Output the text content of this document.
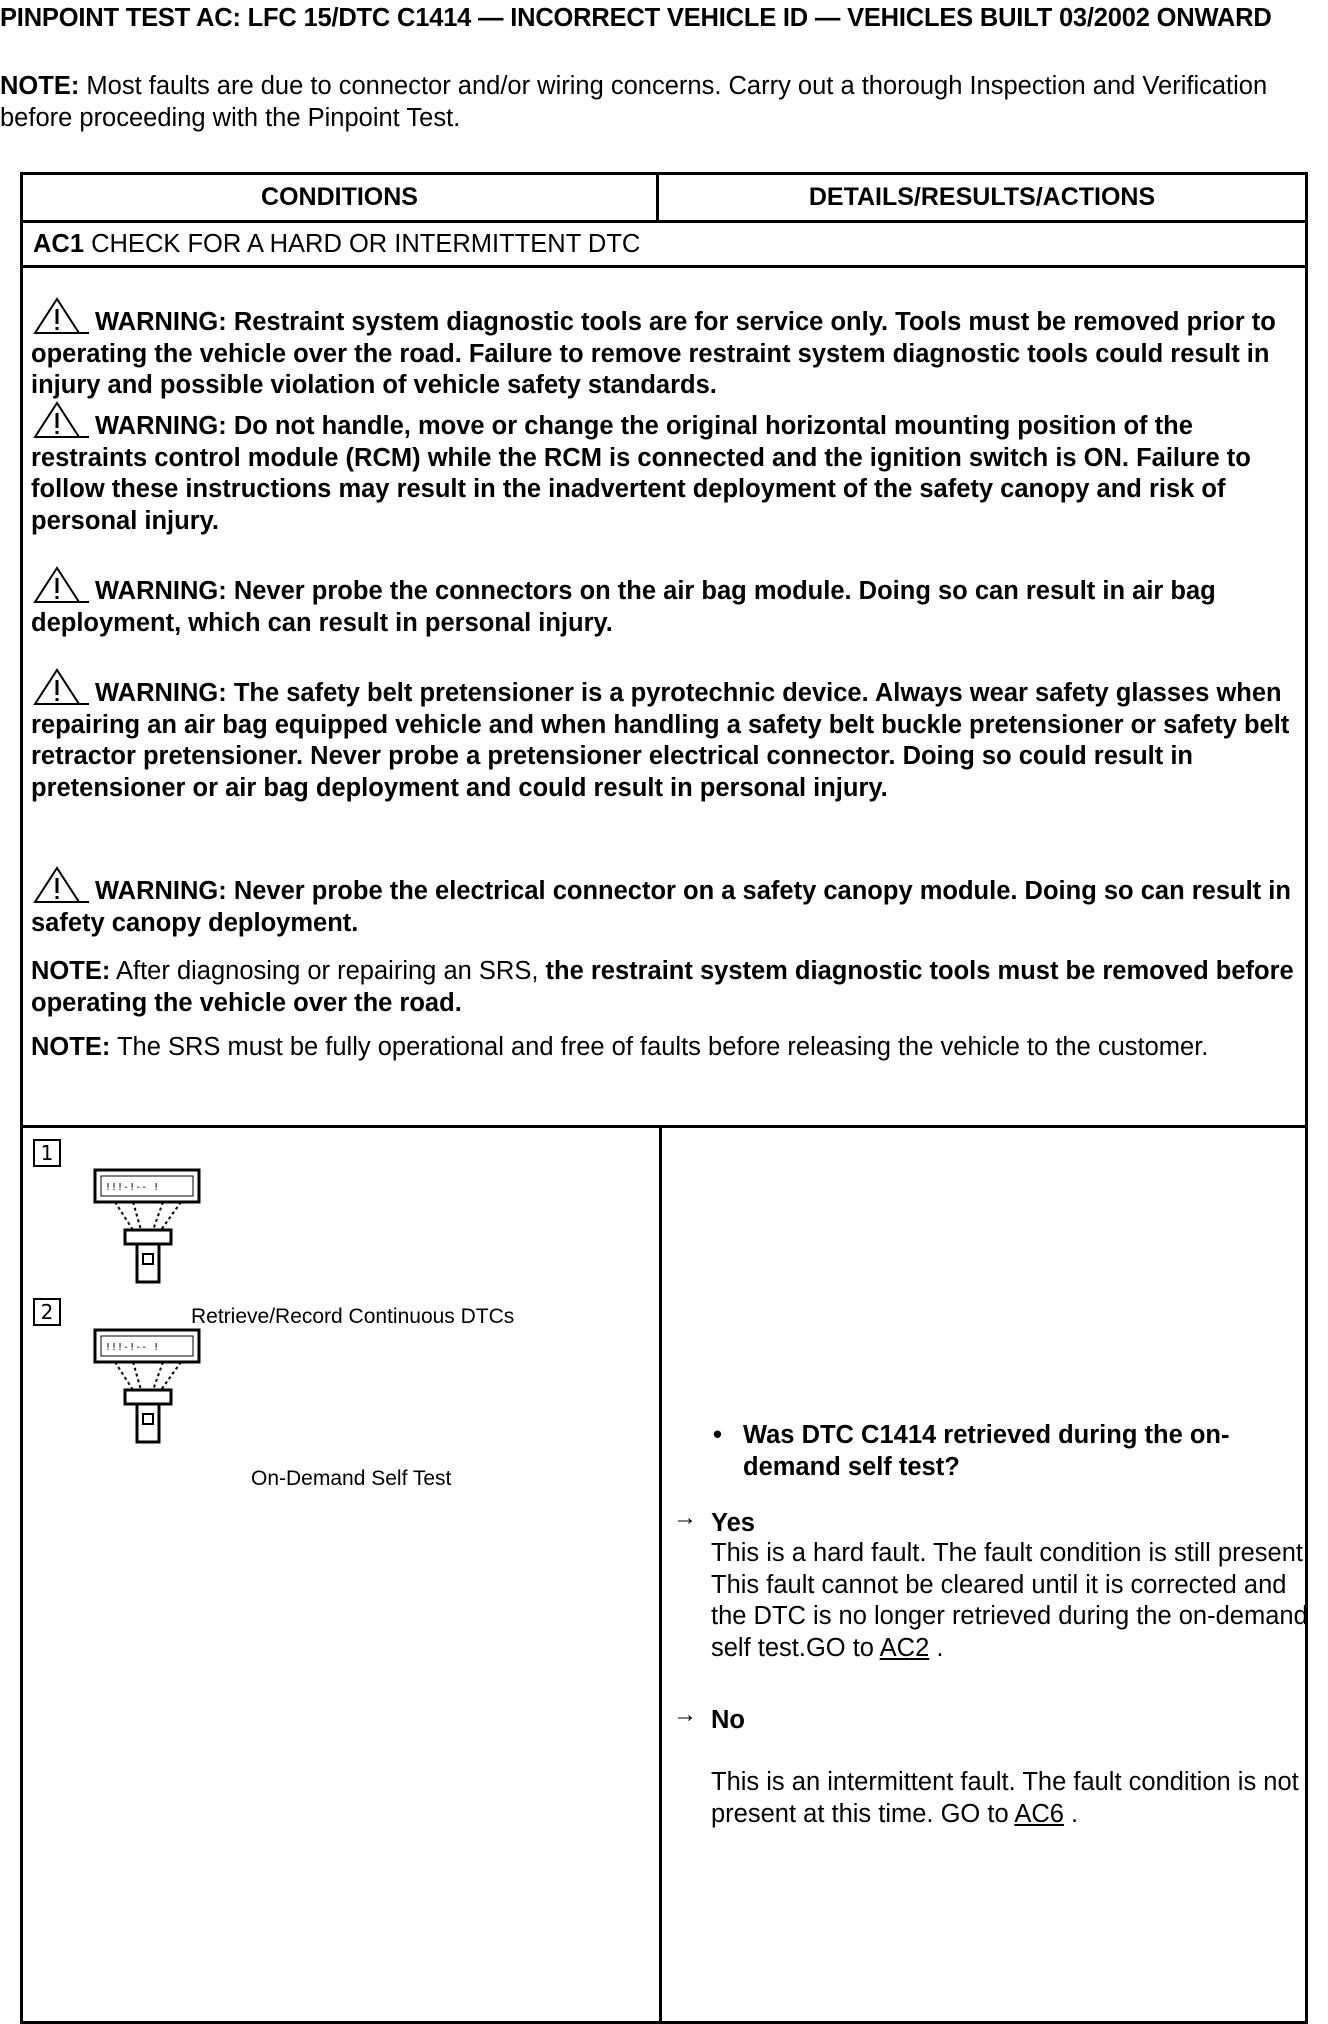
PINPOINT TEST AC: LFC 15/DTC C1414 — INCORRECT VEHICLE ID — VEHICLES BUILT 03/2002 ONWARD
NOTE: Most faults are due to connector and/or wiring concerns. Carry out a thorough Inspection and Verification before proceeding with the Pinpoint Test.
CONDITIONS	DETAILS/RESULTS/ACTIONS
AC1 CHECK FOR A HARD OR INTERMITTENT DTC
WARNING: Restraint system diagnostic tools are for service only. Tools must be removed prior to operating the vehicle over the road. Failure to remove restraint system diagnostic tools could result in injury and possible violation of vehicle safety standards.
WARNING: Do not handle, move or change the original horizontal mounting position of the restraints control module (RCM) while the RCM is connected and the ignition switch is ON. Failure to follow these instructions may result in the inadvertent deployment of the safety canopy and risk of personal injury.
WARNING: Never probe the connectors on the air bag module. Doing so can result in air bag deployment, which can result in personal injury.
WARNING: The safety belt pretensioner is a pyrotechnic device. Always wear safety glasses when repairing an air bag equipped vehicle and when handling a safety belt buckle pretensioner or safety belt retractor pretensioner. Never probe a pretensioner electrical connector. Doing so could result in pretensioner or air bag deployment and could result in personal injury.
WARNING: Never probe the electrical connector on a safety canopy module. Doing so can result in safety canopy deployment.
NOTE: After diagnosing or repairing an SRS, the restraint system diagnostic tools must be removed before operating the vehicle over the road.
NOTE: The SRS must be fully operational and free of faults before releasing the vehicle to the customer.
1
!!!-!-- !
Retrieve/Record Continuous DTCs
2
!!!-!-- !
On-Demand Self Test
• Was DTC C1414 retrieved during the on-demand self test?
→ Yes
This is a hard fault. The fault condition is still present. This fault cannot be cleared until it is corrected and the DTC is no longer retrieved during the on-demand self test.GO to AC2 .
→ No
This is an intermittent fault. The fault condition is not present at this time. GO to AC6 .
